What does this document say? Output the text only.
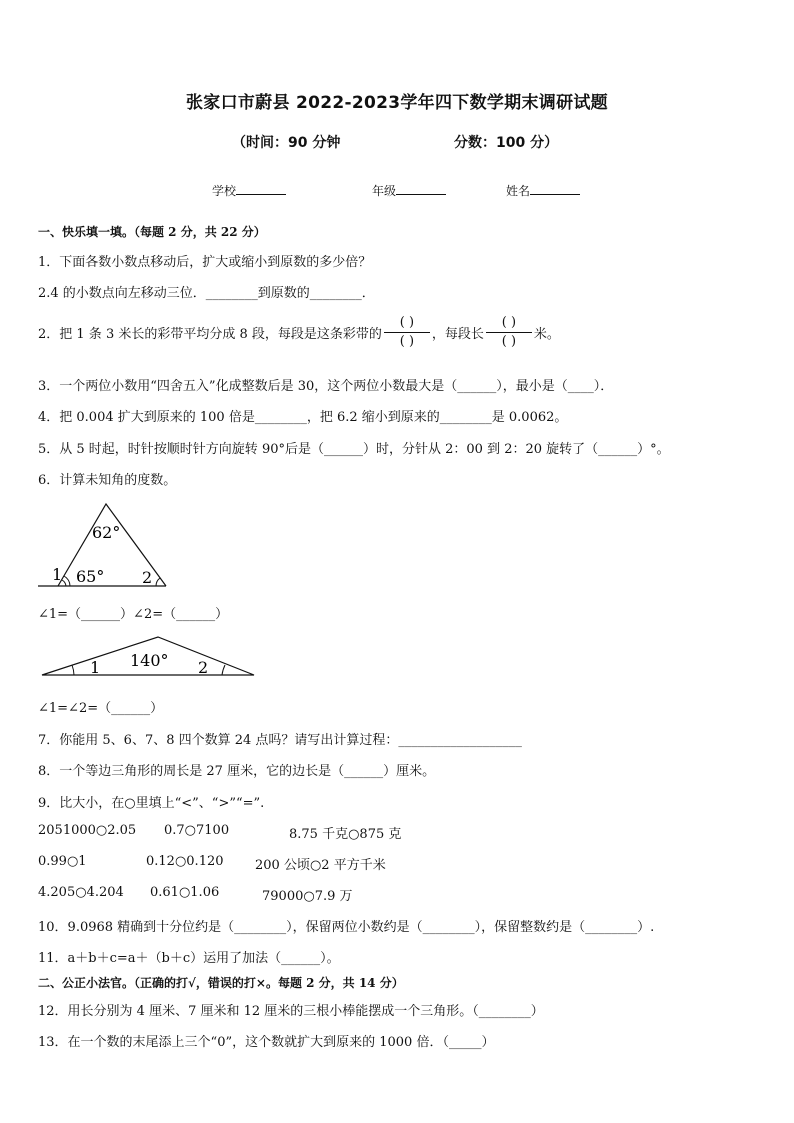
张家口市蔚县 2022-2023学年四下数学期末调研试题
（时间：90 分钟	分数：100 分）
学校	年级	姓名
一、快乐填一填。（每题 2 分，共 22 分）
1．下面各数小数点移动后，扩大或缩小到原数的多少倍？
2.4 的小数点向左移动三位．________到原数的________．
2．把 1 条 3 米长的彩带平均分成 8 段，每段是这条彩带的 $\frac{( )}{( )}$ ，每段长 $\frac{( )}{( )}$ 米。
3．一个两位小数用“四舍五入”化成整数后是 30，这个两位小数最大是（______），最小是（____）．
4．把 0.004 扩大到原来的 100 倍是________，把 6.2 缩小到原来的________是 0.0062。
5．从 5 时起，时针按顺时针方向旋转 90°后是（______）时，分针从 2：00 到 2：20 旋转了（______）°。
6．计算未知角的度数。
62°
65°
1	2
∠1=（______）∠2=（______）
140°
1	2
∠1=∠2=（______）
7．你能用 5、6、7、8 四个数算 24 点吗？请写出计算过程：___________________
8．一个等边三角形的周长是 27 厘米，它的边长是（______）厘米。
9．比大小，在○里填上“<”、“>”“=”.
2051000○2.05 0.7○7100	8.75 千克○875 克
0.99○1	0.12○0.120 200 公顷○2 平方千米
4.205○4.204 0.61○1.06	79000○7.9 万
10．9.0968 精确到十分位约是（________），保留两位小数约是（________），保留整数约是（________）.
11．a＋b＋c=a＋（b＋c）运用了加法（______）。
二、公正小法官。（正确的打√，错误的打×。每题 2 分，共 14 分）
12．用长分别为 4 厘米、7 厘米和 12 厘米的三根小棒能摆成一个三角形。（________）
13．在一个数的末尾添上三个“0”，这个数就扩大到原来的 1000 倍．（_____）
